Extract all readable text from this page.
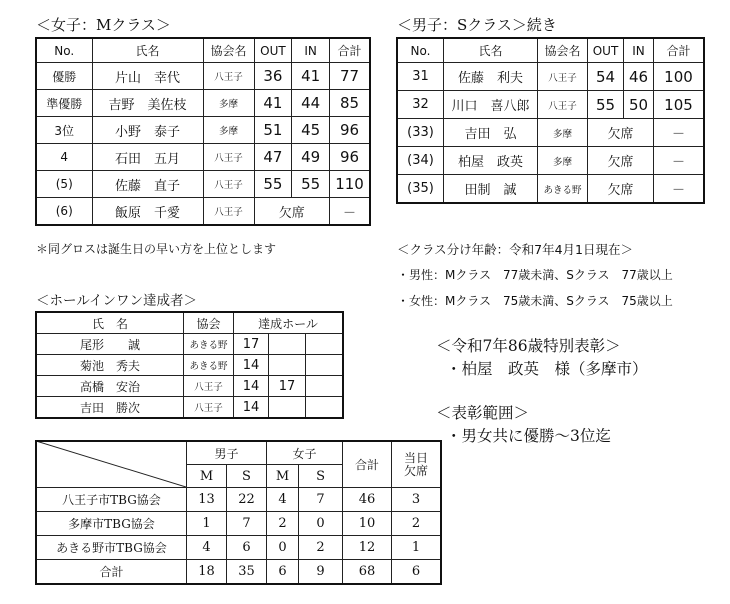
＜女子：Mクラス＞
No.	氏名	協会名	OUT	IN	合計
優勝	片山　幸代	八王子	36	41	77
準優勝	吉野　美佐枝	多摩	41	44	85
3位	小野　泰子	多摩	51	45	96
4	石田　五月	八王子	47	49	96
(5)	佐藤　直子	八王子	55	55	110
(6)	飯原　千愛	八王子	欠席		－
＊同グロスは誕生日の早い方を上位とします
＜男子：Sクラス＞続き
No.	氏名	協会名	OUT	IN	合計
31	佐藤　利夫	八王子	54	46	100
32	川口　喜八郎	八王子	55	50	105
(33)	吉田　弘	多摩	欠席		－
(34)	柏屋　政英	多摩	欠席		－
(35)	田制　誠	あきる野	欠席		－
＜クラス分け年齢：令和7年4月1日現在＞
・男性：Mクラス　77歳未満、Sクラス　77歳以上
・女性：Mクラス　75歳未満、Sクラス　75歳以上
＜令和7年86歳特別表彰＞
・柏屋　政英　様（多摩市）
＜表彰範囲＞
・男女共に優勝～3位迄
＜ホールインワン達成者＞
氏　名	協会	達成ホール		
尾形　　誠	あきる野	17		
菊池　秀夫	あきる野	14		
高橋　安治	八王子	14	17	
吉田　勝次	八王子	14		
	男子		女子		合計	当日
欠席
	M	S	M	S		
八王子市TBG協会	13	22	4	7	46	3
多摩市TBG協会	1	7	2	0	10	2
あきる野市TBG協会	4	6	0	2	12	1
合計	18	35	6	9	68	6
